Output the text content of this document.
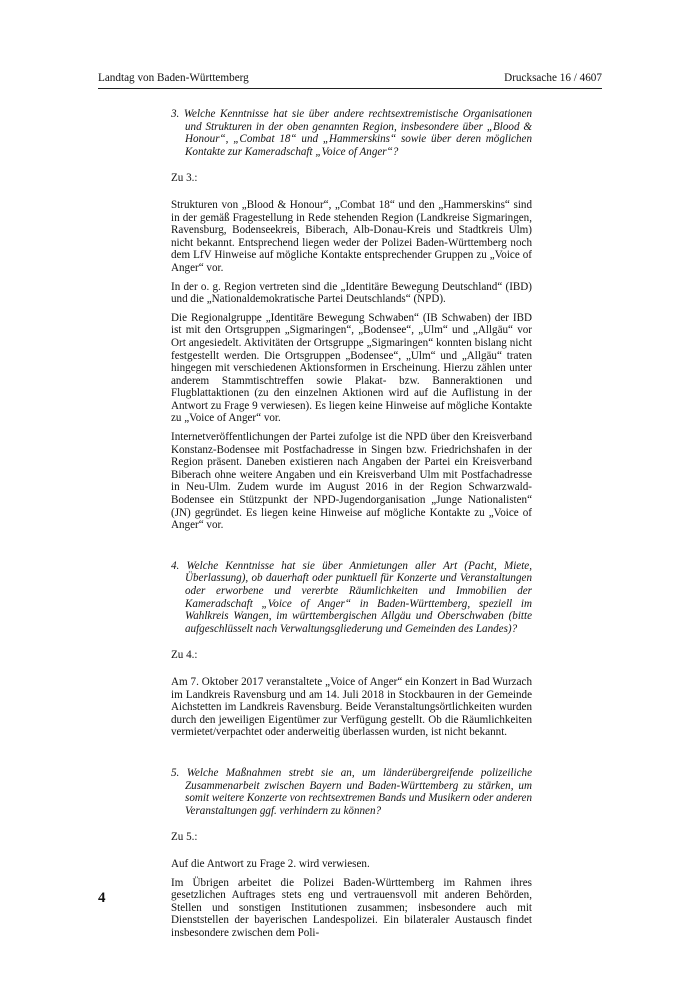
Landtag von Baden-Württemberg	Drucksache 16 / 4607

3. Welche Kenntnisse hat sie über andere rechtsextremistische Organisationen und Strukturen in der oben genannten Region, insbesondere über „Blood & Honour“, „Combat 18“ und „Hammerskins“ sowie über deren möglichen Kontakte zur Kameradschaft „Voice of Anger“?

Zu 3.:

Strukturen von „Blood & Honour“, „Combat 18“ und den „Hammerskins“ sind in der gemäß Fragestellung in Rede stehenden Region (Landkreise Sigmaringen, Ravensburg, Bodenseekreis, Biberach, Alb-Donau-Kreis und Stadtkreis Ulm) nicht bekannt. Entsprechend liegen weder der Polizei Baden-Württemberg noch dem LfV Hinweise auf mögliche Kontakte entsprechender Gruppen zu „Voice of Anger“ vor.

In der o. g. Region vertreten sind die „Identitäre Bewegung Deutschland“ (IBD) und die „Nationaldemokratische Partei Deutschlands“ (NPD).

Die Regionalgruppe „Identitäre Bewegung Schwaben“ (IB Schwaben) der IBD ist mit den Ortsgruppen „Sigmaringen“, „Bodensee“, „Ulm“ und „Allgäu“ vor Ort angesiedelt. Aktivitäten der Ortsgruppe „Sigmaringen“ konnten bislang nicht festgestellt werden. Die Ortsgruppen „Bodensee“, „Ulm“ und „Allgäu“ traten hingegen mit verschiedenen Aktionsformen in Erscheinung. Hierzu zählen unter anderem Stammtischtreffen sowie Plakat- bzw. Banneraktionen und Flugblattaktionen (zu den einzelnen Aktionen wird auf die Auflistung in der Antwort zu Frage 9 verwiesen). Es liegen keine Hinweise auf mögliche Kontakte zu „Voice of Anger“ vor.

Internetveröffentlichungen der Partei zufolge ist die NPD über den Kreisverband Konstanz-Bodensee mit Postfachadresse in Singen bzw. Friedrichshafen in der Region präsent. Daneben existieren nach Angaben der Partei ein Kreisverband Biberach ohne weitere Angaben und ein Kreisverband Ulm mit Postfachadresse in Neu-Ulm. Zudem wurde im August 2016 in der Region Schwarzwald-Bodensee ein Stützpunkt der NPD-Jugendorganisation „Junge Nationalisten“ (JN) gegründet. Es liegen keine Hinweise auf mögliche Kontakte zu „Voice of Anger“ vor.

4. Welche Kenntnisse hat sie über Anmietungen aller Art (Pacht, Miete, Überlassung), ob dauerhaft oder punktuell für Konzerte und Veranstaltungen oder erworbene und vererbte Räumlichkeiten und Immobilien der Kameradschaft „Voice of Anger“ in Baden-Württemberg, speziell im Wahlkreis Wangen, im württembergischen Allgäu und Oberschwaben (bitte aufgeschlüsselt nach Verwaltungsgliederung und Gemeinden des Landes)?

Zu 4.:

Am 7. Oktober 2017 veranstaltete „Voice of Anger“ ein Konzert in Bad Wurzach im Landkreis Ravensburg und am 14. Juli 2018 in Stockbauren in der Gemeinde Aichstetten im Landkreis Ravensburg. Beide Veranstaltungsörtlichkeiten wurden durch den jeweiligen Eigentümer zur Verfügung gestellt. Ob die Räumlichkeiten vermietet/verpachtet oder anderweitig überlassen wurden, ist nicht bekannt.

5. Welche Maßnahmen strebt sie an, um länderübergreifende polizeiliche Zusammenarbeit zwischen Bayern und Baden-Württemberg zu stärken, um somit weitere Konzerte von rechtsextremen Bands und Musikern oder anderen Veranstaltungen ggf. verhindern zu können?

Zu 5.:

Auf die Antwort zu Frage 2. wird verwiesen.

Im Übrigen arbeitet die Polizei Baden-Württemberg im Rahmen ihres gesetzlichen Auftrages stets eng und vertrauensvoll mit anderen Behörden, Stellen und sonstigen Institutionen zusammen; insbesondere auch mit Dienststellen der bayerischen Landespolizei. Ein bilateraler Austausch findet insbesondere zwischen dem Poli-

4
